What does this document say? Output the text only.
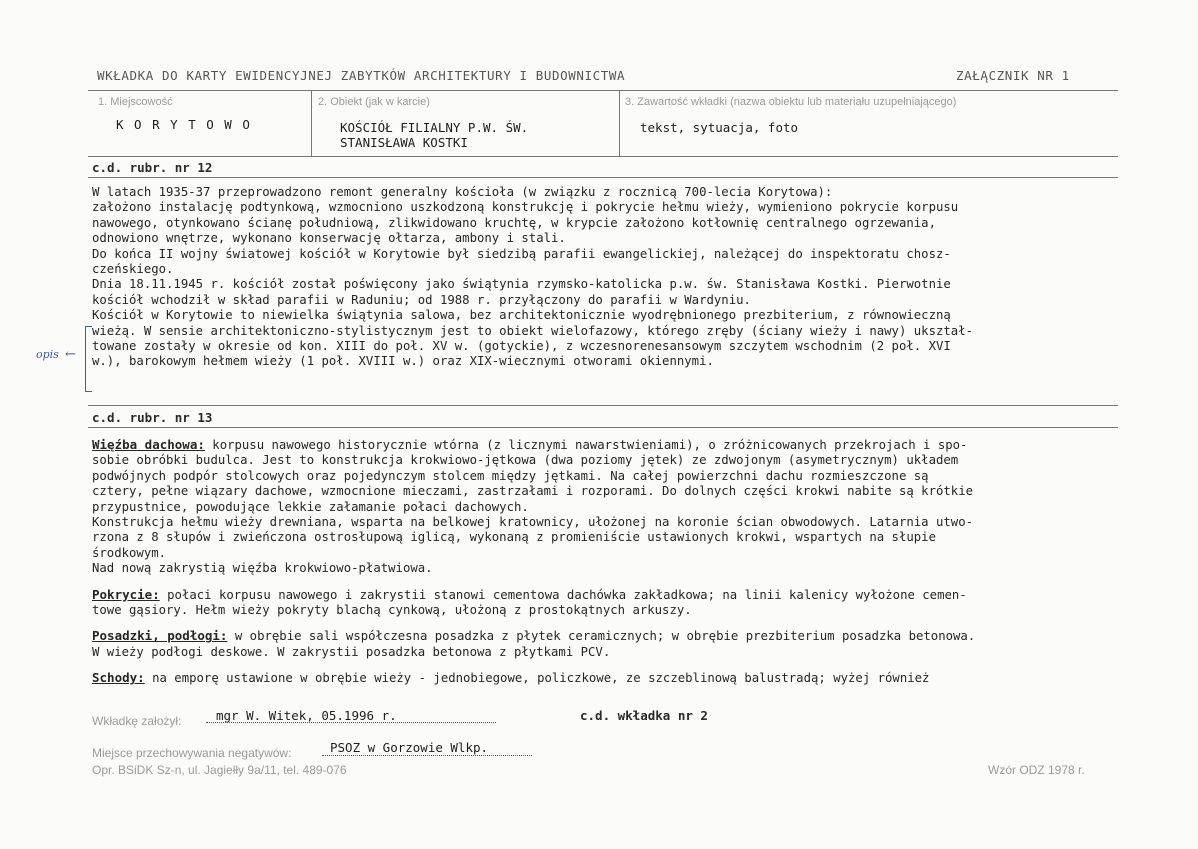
WKŁADKA DO KARTY EWIDENCYJNEJ ZABYTKÓW ARCHITEKTURY I BUDOWNICTWA	ZAŁĄCZNIK NR 1
1. Miejscowość
K O R Y T O W O
2. Obiekt (jak w karcie)
KOŚCIÓŁ FILIALNY P.W. ŚW.
STANISŁAWA KOSTKI
3. Zawartość wkładki (nazwa obiektu lub materiału uzupełniającego)
tekst, sytuacja, foto
c.d. rubr. nr 12
W latach 1935-37 przeprowadzono remont generalny kościoła (w związku z rocznicą 700-lecia Korytowa):
założono instalację podtynkową, wzmocniono uszkodzoną konstrukcję i pokrycie hełmu wieży, wymieniono pokrycie korpusu
nawowego, otynkowano ścianę południową, zlikwidowano kruchtę, w krypcie założono kotłownię centralnego ogrzewania,
odnowiono wnętrze, wykonano konserwację ołtarza, ambony i stali.
Do końca II wojny światowej kościół w Korytowie był siedzibą parafii ewangelickiej, należącej do inspektoratu chosz-
czeńskiego.
Dnia 18.11.1945 r. kościół został poświęcony jako świątynia rzymsko-katolicka p.w. św. Stanisława Kostki. Pierwotnie
kościół wchodził w skład parafii w Raduniu; od 1988 r. przyłączony do parafii w Wardyniu.
Kościół w Korytowie to niewielka świątynia salowa, bez architektonicznie wyodrębnionego prezbiterium, z równowieczną
wieżą. W sensie architektoniczno-stylistycznym jest to obiekt wielofazowy, którego zręby (ściany wieży i nawy) ukształ-
towane zostały w okresie od kon. XIII do poł. XV w. (gotyckie), z wczesnorenesansowym szczytem wschodnim (2 poł. XVI
w.), barokowym hełmem wieży (1 poł. XVIII w.) oraz XIX-wiecznymi otworami okiennymi.
opis ←
c.d. rubr. nr 13
Więźba dachowa: korpusu nawowego historycznie wtórna (z licznymi nawarstwieniami), o zróżnicowanych przekrojach i spo-
sobie obróbki budulca. Jest to konstrukcja krokwiowo-jętkowa (dwa poziomy jętek) ze zdwojonym (asymetrycznym) układem
podwójnych podpór stolcowych oraz pojedynczym stolcem między jętkami. Na całej powierzchni dachu rozmieszczone są
cztery, pełne wiązary dachowe, wzmocnione mieczami, zastrzałami i rozporami. Do dolnych części krokwi nabite są krótkie
przypustnice, powodujące lekkie załamanie połaci dachowych.
Konstrukcja hełmu wieży drewniana, wsparta na belkowej kratownicy, ułożonej na koronie ścian obwodowych. Latarnia utwo-
rzona z 8 słupów i zwieńczona ostrosłupową iglicą, wykonaną z promieniście ustawionych krokwi, wspartych na słupie
środkowym.
Nad nową zakrystią więźba krokwiowo-płatwiowa.
Pokrycie: połaci korpusu nawowego i zakrystii stanowi cementowa dachówka zakładkowa; na linii kalenicy wyłożone cemen-
towe gąsiory. Hełm wieży pokryty blachą cynkową, ułożoną z prostokątnych arkuszy.
Posadzki, podłogi: w obrębie sali współczesna posadzka z płytek ceramicznych; w obrębie prezbiterium posadzka betonowa.
W wieży podłogi deskowe. W zakrystii posadzka betonowa z płytkami PCV.
Schody: na emporę ustawione w obrębie wieży - jednobiegowe, policzkowe, ze szczeblinową balustradą; wyżej również
Wkładkę założył:	mgr W. Witek, 05.1996 r.	c.d. wkładka nr 2
Miejsce przechowywania negatywów:	PSOZ w Gorzowie Wlkp.
Opr. BSiDK Sz-n, ul. Jagiełły 9a/11, tel. 489-076	Wzór ODZ 1978 r.
